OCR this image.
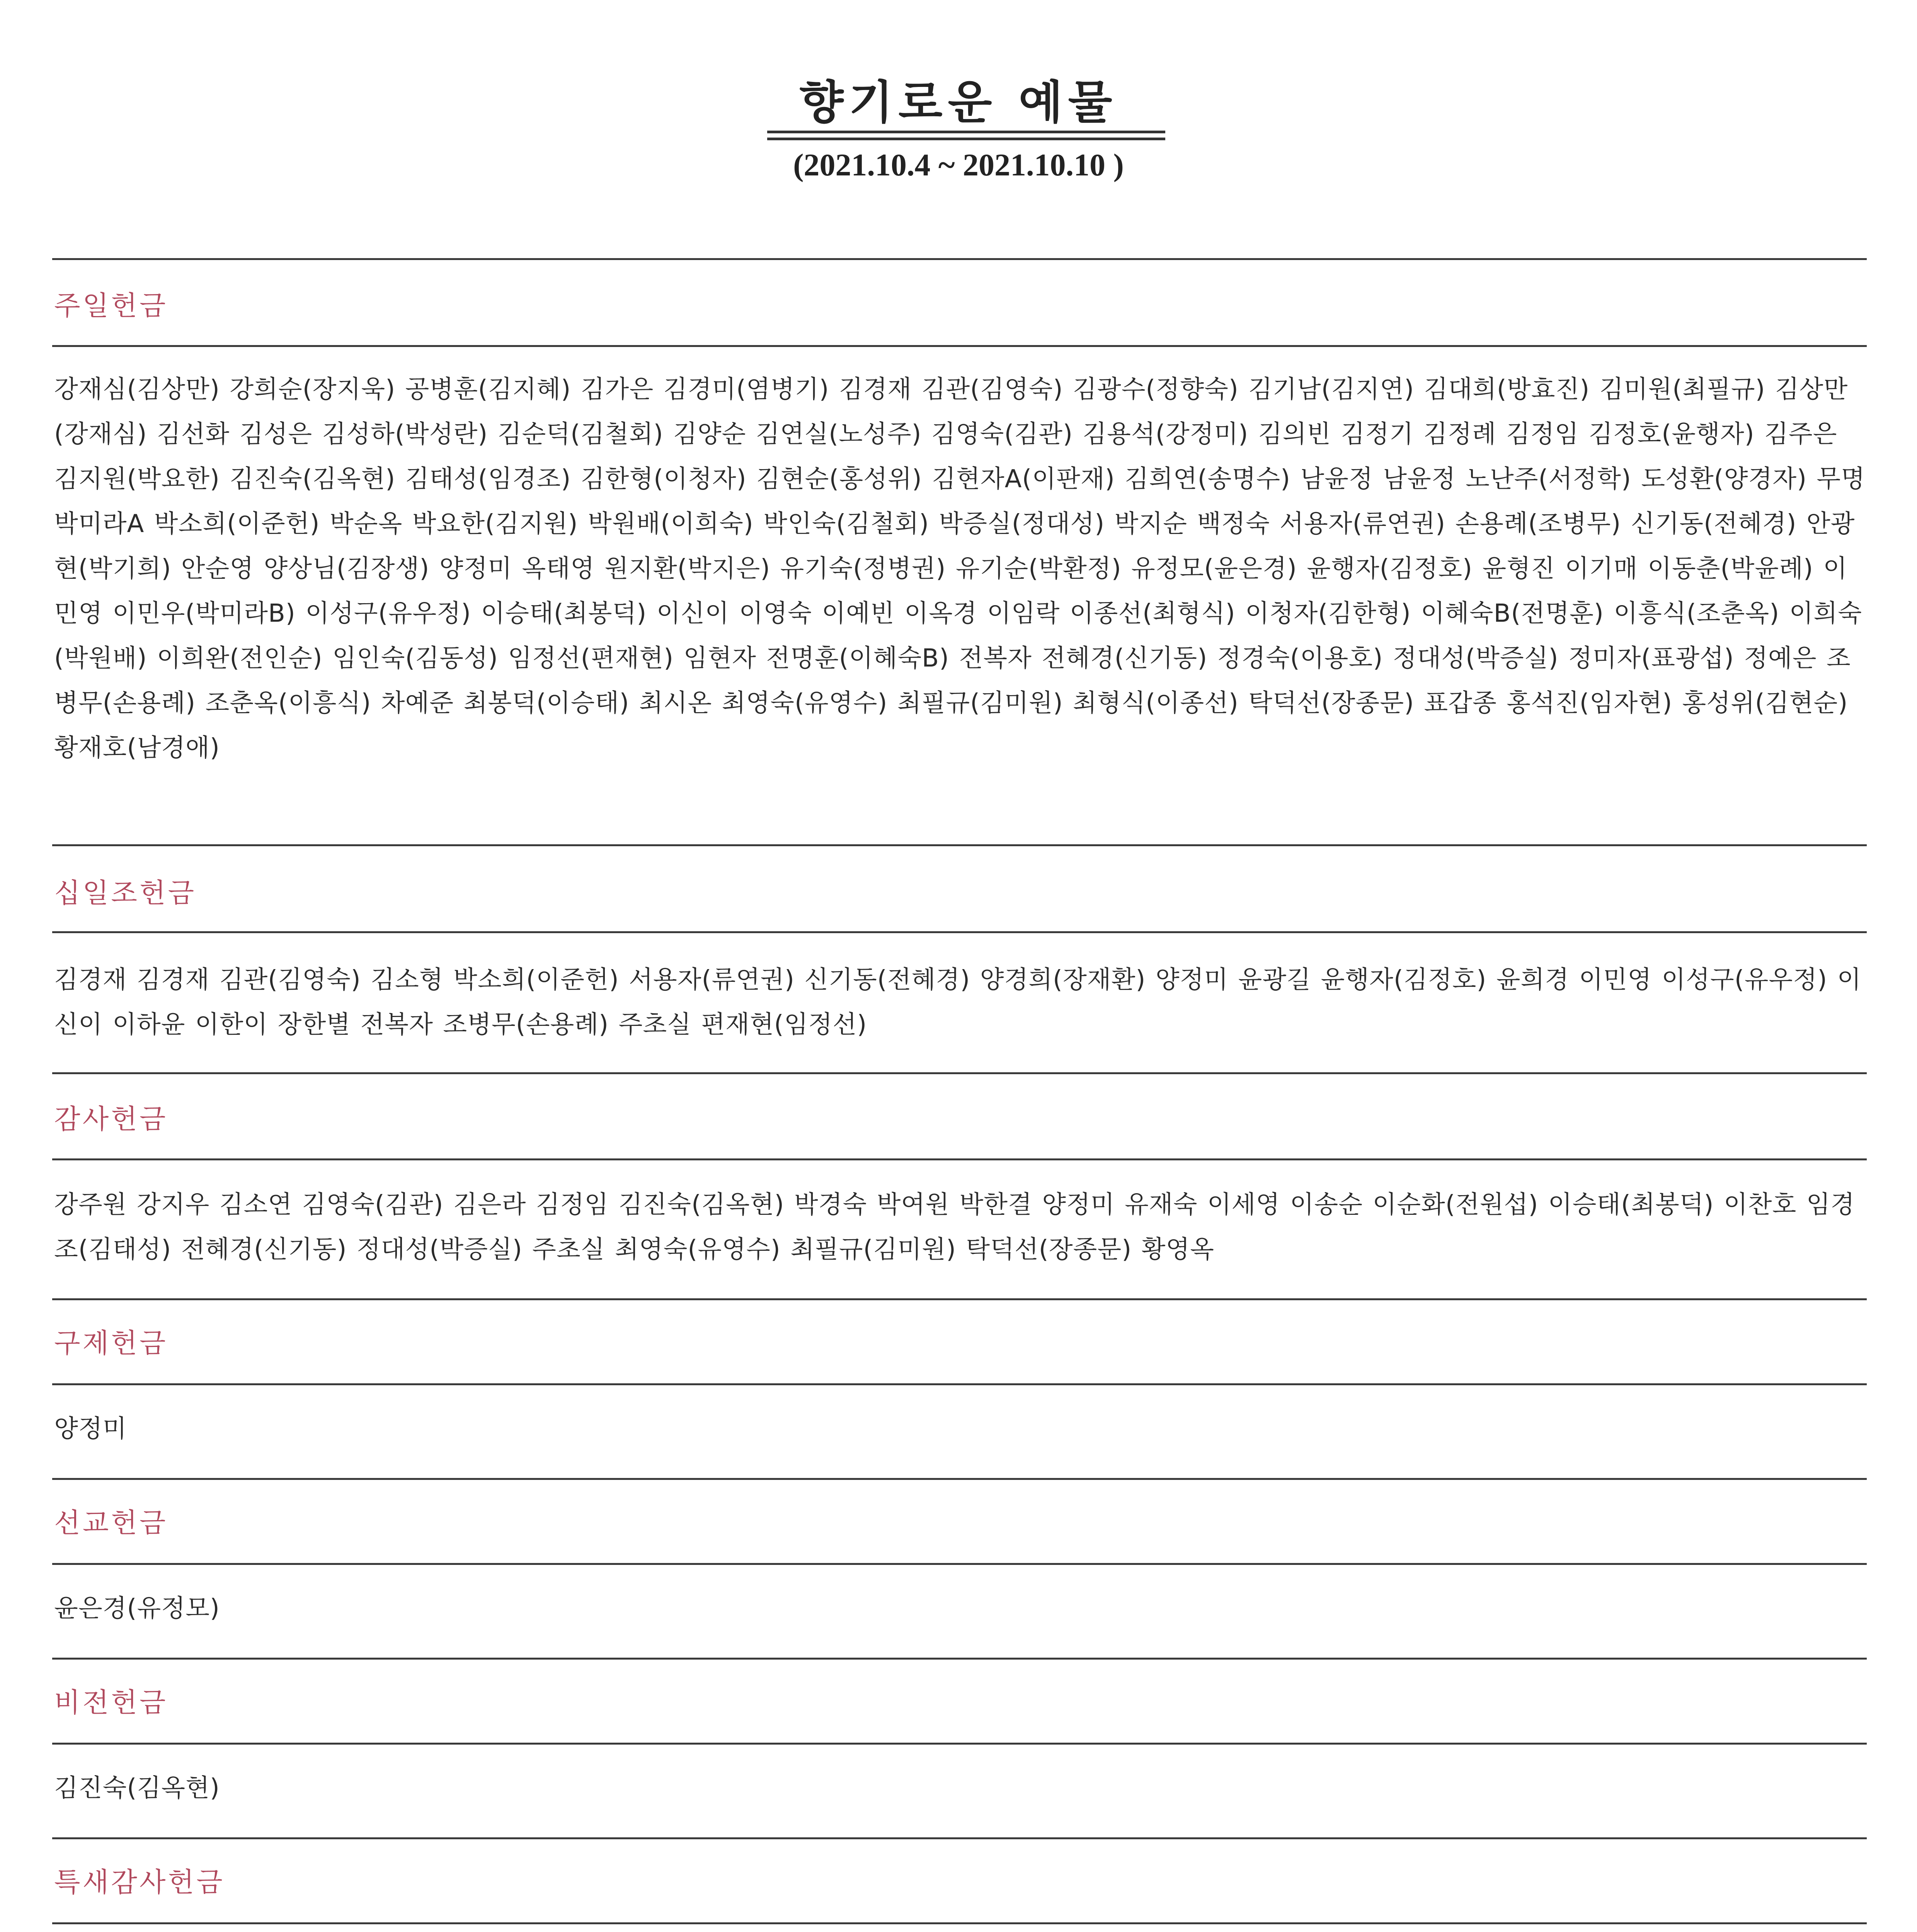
향기로운 예물
(2021.10.4 ~ 2021.10.10 )
주일헌금

강재심(김상만) 강희순(장지욱) 공병훈(김지혜) 김가은 김경미(염병기) 김경재 김관(김영숙) 김광수(정향숙) 김기남(김지연) 김대희(방효진) 김미원(최필규) 김상만(강재심) 김선화 김성은 김성하(박성란) 김순덕(김철회) 김양순 김연실(노성주) 김영숙(김관) 김용석(강정미) 김의빈 김정기 김정례 김정임 김정호(윤행자) 김주은 김지원(박요한) 김진숙(김옥현) 김태성(임경조) 김한형(이청자) 김현순(홍성위) 김현자A(이판재) 김희연(송명수) 남윤정 남윤정 노난주(서정학) 도성환(양경자) 무명 박미라A 박소희(이준헌) 박순옥 박요한(김지원) 박원배(이희숙) 박인숙(김철회) 박증실(정대성) 박지순 백정숙 서용자(류연권) 손용례(조병무) 신기동(전혜경) 안광현(박기희) 안순영 양상님(김장생) 양정미 옥태영 원지환(박지은) 유기숙(정병권) 유기순(박환정) 유정모(윤은경) 윤행자(김정호) 윤형진 이기매 이동춘(박윤례) 이민영 이민우(박미라B) 이성구(유우정) 이승태(최봉덕) 이신이 이영숙 이예빈 이옥경 이임락 이종선(최형식) 이청자(김한형) 이혜숙B(전명훈) 이흥식(조춘옥) 이희숙(박원배) 이희완(전인순) 임인숙(김동성) 임정선(편재현) 임현자 전명훈(이혜숙B) 전복자 전혜경(신기동) 정경숙(이용호) 정대성(박증실) 정미자(표광섭) 정예은 조병무(손용례) 조춘옥(이흥식) 차예준 최봉덕(이승태) 최시온 최영숙(유영수) 최필규(김미원) 최형식(이종선) 탁덕선(장종문) 표갑종 홍석진(임자현) 홍성위(김현순) 황재호(남경애)

십일조헌금

김경재 김경재 김관(김영숙) 김소형 박소희(이준헌) 서용자(류연권) 신기동(전혜경) 양경희(장재환) 양정미 윤광길 윤행자(김정호) 윤희경 이민영 이성구(유우정) 이신이 이하윤 이한이 장한별 전복자 조병무(손용례) 주초실 편재현(임정선)

감사헌금

강주원 강지우 김소연 김영숙(김관) 김은라 김정임 김진숙(김옥현) 박경숙 박여원 박한결 양정미 유재숙 이세영 이송순 이순화(전원섭) 이승태(최봉덕) 이찬호 임경조(김태성) 전혜경(신기동) 정대성(박증실) 주초실 최영숙(유영수) 최필규(김미원) 탁덕선(장종문) 황영옥

구제헌금

양정미

선교헌금

윤은경(유정모)

비전헌금

김진숙(김옥현)

특새감사헌금
